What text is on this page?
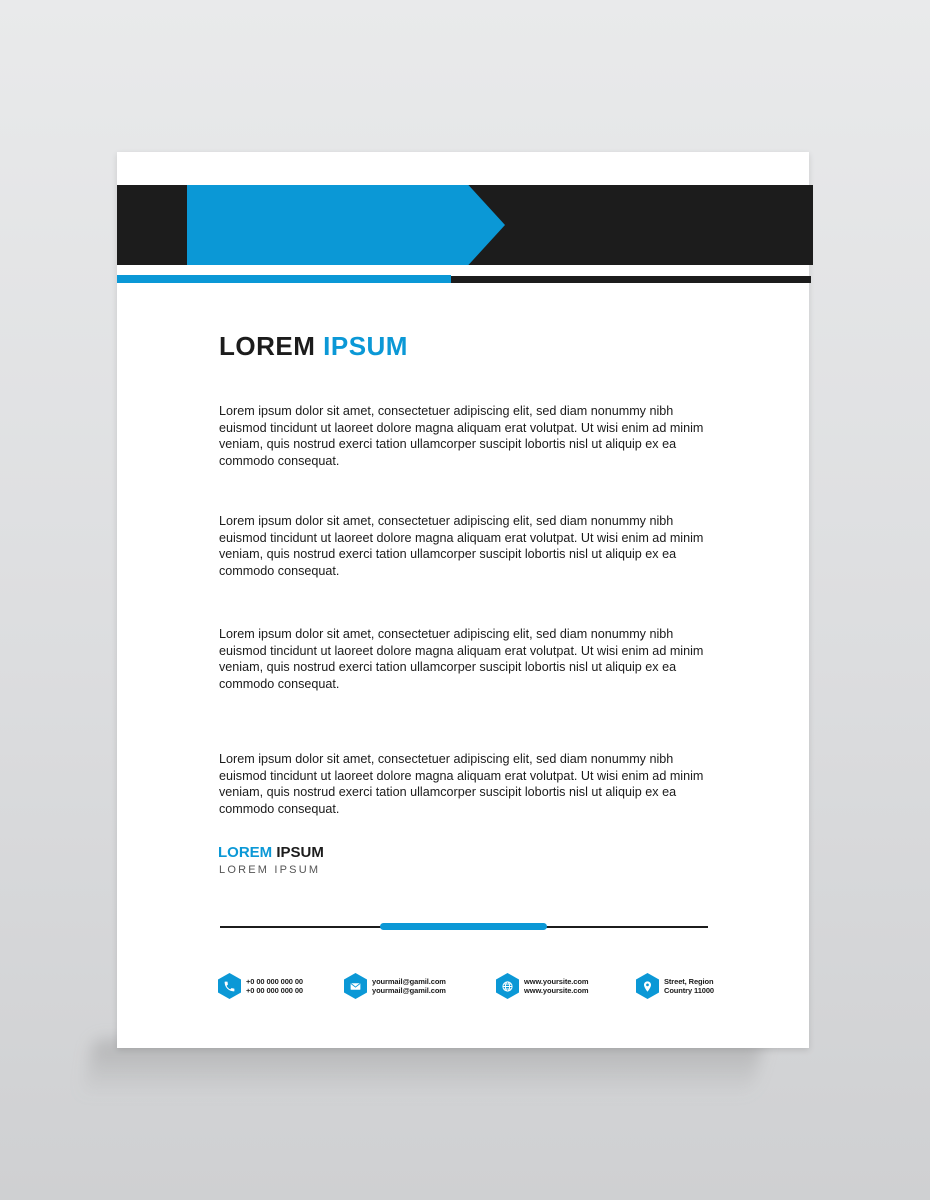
LOREM IPSUM

Lorem ipsum dolor sit amet, consectetuer adipiscing elit, sed diam nonummy nibh euismod tincidunt ut laoreet dolore magna aliquam erat volutpat. Ut wisi enim ad minim veniam, quis nostrud exerci tation ullamcorper suscipit lobortis nisl ut aliquip ex ea commodo consequat.

Lorem ipsum dolor sit amet, consectetuer adipiscing elit, sed diam nonummy nibh euismod tincidunt ut laoreet dolore magna aliquam erat volutpat. Ut wisi enim ad minim veniam, quis nostrud exerci tation ullamcorper suscipit lobortis nisl ut aliquip ex ea commodo consequat.

Lorem ipsum dolor sit amet, consectetuer adipiscing elit, sed diam nonummy nibh euismod tincidunt ut laoreet dolore magna aliquam erat volutpat. Ut wisi enim ad minim veniam, quis nostrud exerci tation ullamcorper suscipit lobortis nisl ut aliquip ex ea commodo consequat.

Lorem ipsum dolor sit amet, consectetuer adipiscing elit, sed diam nonummy nibh euismod tincidunt ut laoreet dolore magna aliquam erat volutpat. Ut wisi enim ad minim veniam, quis nostrud exerci tation ullamcorper suscipit lobortis nisl ut aliquip ex ea commodo consequat.

LOREM IPSUM

LOREM IPSUM

+0 00 000 000 00
+0 00 000 000 00
yourmail@gamil.com
yourmail@gamil.com
www.yoursite.com
www.yoursite.com
Street, Region
Country 11000
